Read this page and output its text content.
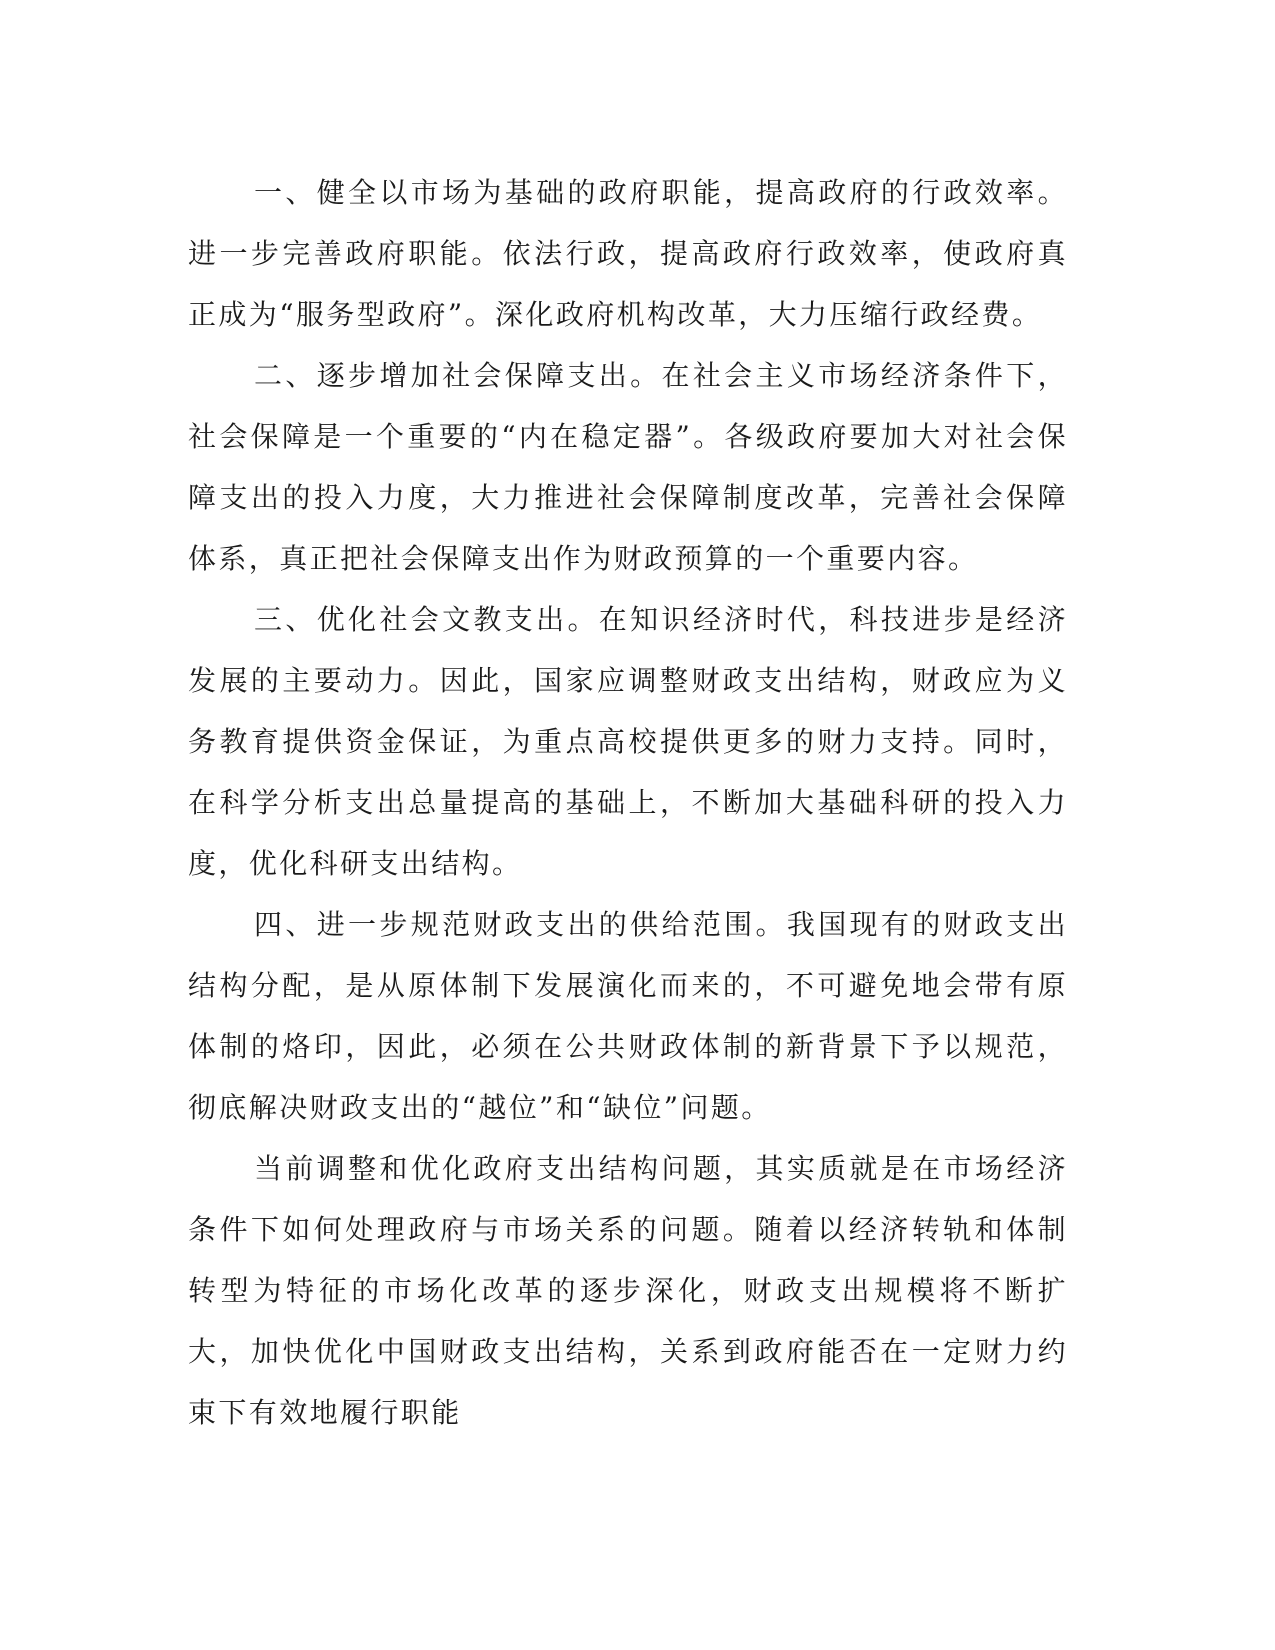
一、健全以市场为基础的政府职能，提高政府的行政效率。进一步完善政府职能。依法行政，提高政府行政效率，使政府真正成为“服务型政府”。深化政府机构改革，大力压缩行政经费。

二、逐步增加社会保障支出。在社会主义市场经济条件下，社会保障是一个重要的“内在稳定器”。各级政府要加大对社会保障支出的投入力度，大力推进社会保障制度改革，完善社会保障体系，真正把社会保障支出作为财政预算的一个重要内容。

三、优化社会文教支出。在知识经济时代，科技进步是经济发展的主要动力。因此，国家应调整财政支出结构，财政应为义务教育提供资金保证，为重点高校提供更多的财力支持。同时，在科学分析支出总量提高的基础上，不断加大基础科研的投入力度，优化科研支出结构。

四、进一步规范财政支出的供给范围。我国现有的财政支出结构分配，是从原体制下发展演化而来的，不可避免地会带有原体制的烙印，因此，必须在公共财政体制的新背景下予以规范，彻底解决财政支出的“越位”和“缺位”问题。

当前调整和优化政府支出结构问题，其实质就是在市场经济条件下如何处理政府与市场关系的问题。随着以经济转轨和体制转型为特征的市场化改革的逐步深化，财政支出规模将不断扩大，加快优化中国财政支出结构，关系到政府能否在一定财力约束下有效地履行职能
